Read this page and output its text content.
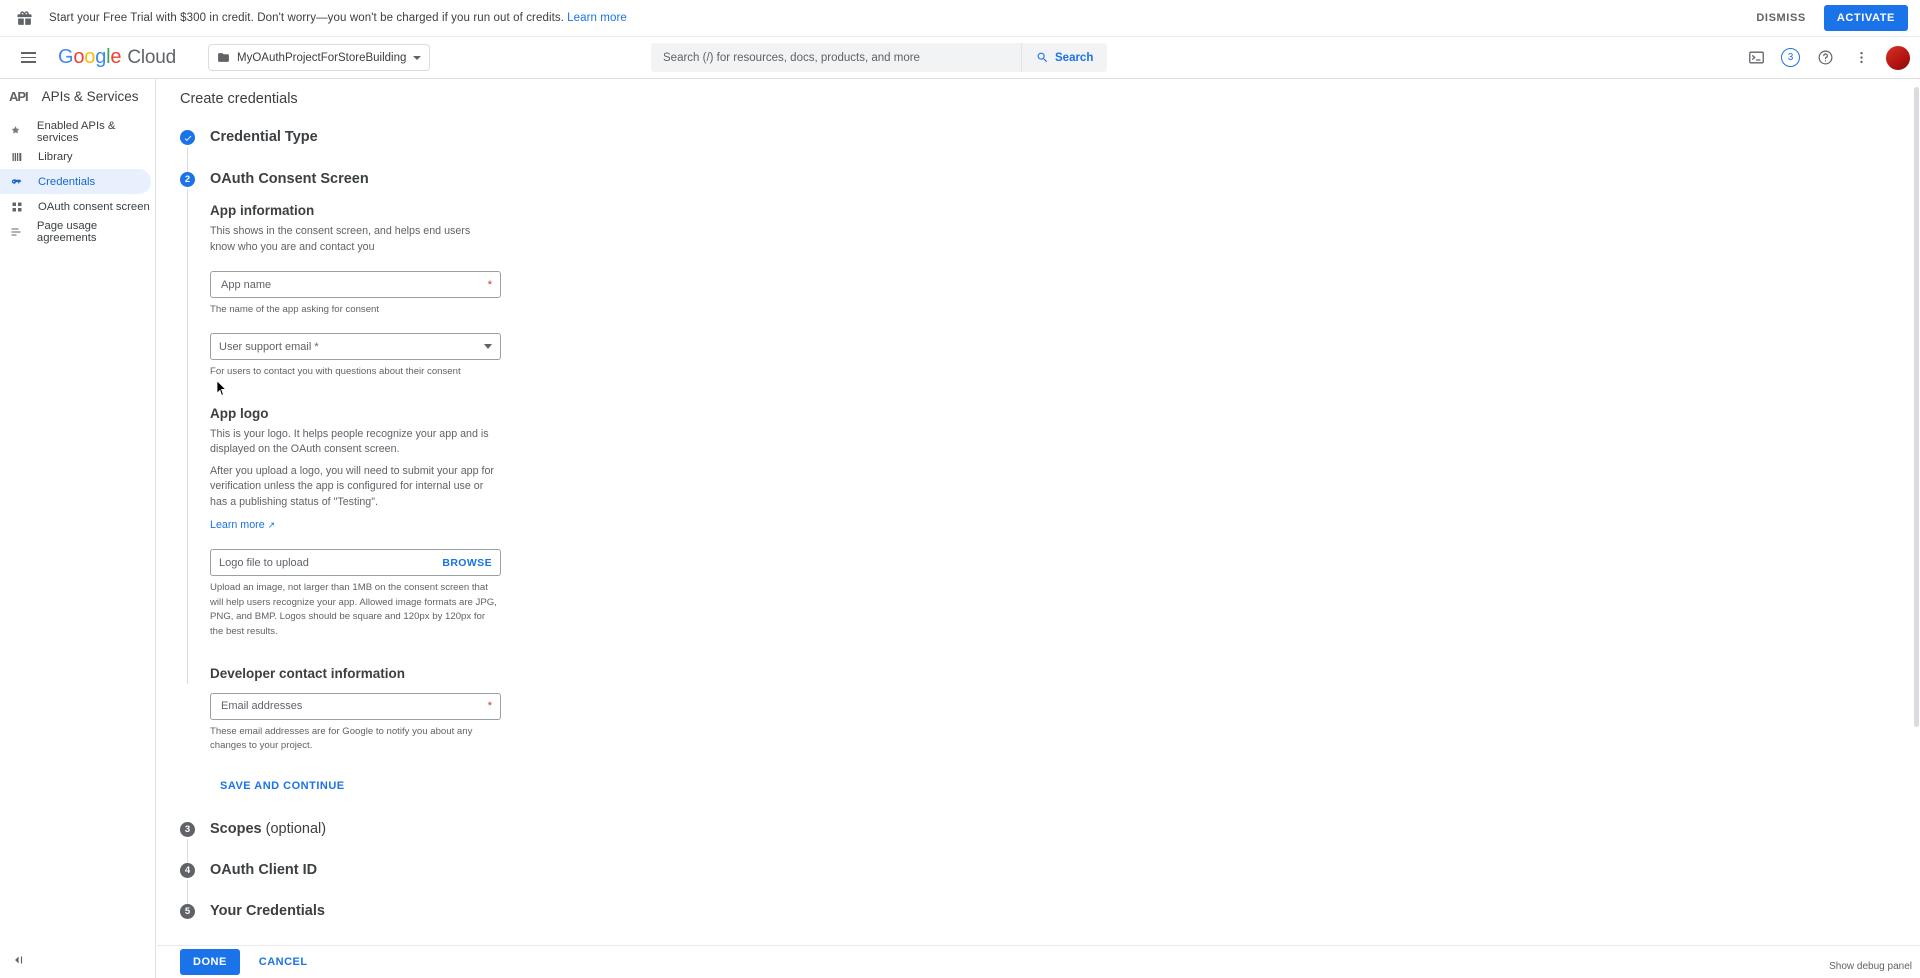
Start your Free Trial with $300 in credit. Don't worry—you won't be charged if you run out of credits. Learn more	DISMISS	ACTIVATE
G o o g l e Cloud	MyOAuthProjectForStoreBuilding
Search (/) for resources, docs, products, and more	Search	3
API APIs & Services
Enabled APIs & services
Library
Credentials
OAuth consent screen
Page usage agreements
Create credentials
Credential Type
2	OAuth Consent Screen
App information
This shows in the consent screen, and helps end users know who you are and contact you
App name
*
The name of the app asking for consent
User support email *
For users to contact you with questions about their consent
App logo
This is your logo. It helps people recognize your app and is displayed on the OAuth consent screen.
After you upload a logo, you will need to submit your app for verification unless the app is configured for internal use or has a publishing status of "Testing".
Learn more ↗
Logo file to upload	BROWSE
Upload an image, not larger than 1MB on the consent screen that will help users recognize your app. Allowed image formats are JPG, PNG, and BMP. Logos should be square and 120px by 120px for the best results.
Developer contact information
Email addresses
*
These email addresses are for Google to notify you about any changes to your project.
SAVE AND CONTINUE
3	Scopes (optional)
4	OAuth Client ID
5	Your Credentials
DONE	CANCEL	Show debug panel
